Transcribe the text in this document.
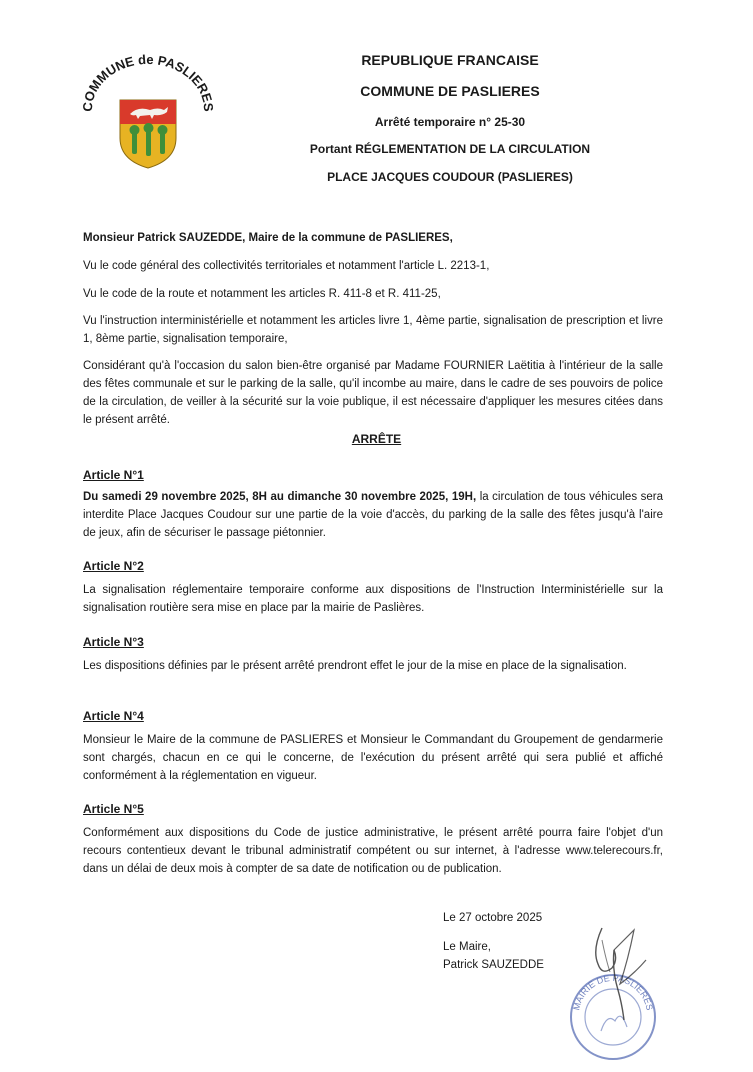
COMMUNE de PASLIERES

REPUBLIQUE FRANCAISE

COMMUNE DE PASLIERES

Arrêté temporaire n° 25-30

Portant RÉGLEMENTATION DE LA CIRCULATION

PLACE JACQUES COUDOUR (PASLIERES)

Monsieur Patrick SAUZEDDE, Maire de la commune de PASLIERES,

Vu le code général des collectivités territoriales et notamment l'article L. 2213-1,

Vu le code de la route et notamment les articles R. 411-8 et R. 411-25,

Vu l'instruction interministérielle et notamment les articles livre 1, 4ème partie, signalisation de prescription et livre 1, 8ème partie, signalisation temporaire,

Considérant qu'à l'occasion du salon bien-être organisé par Madame FOURNIER Laëtitia à l'intérieur de la salle des fêtes communale et sur le parking de la salle, qu'il incombe au maire, dans le cadre de ses pouvoirs de police de la circulation, de veiller à la sécurité sur la voie publique, il est nécessaire d'appliquer les mesures citées dans le présent arrêté.

ARRÊTE

Article N°1

Du samedi 29 novembre 2025, 8H au dimanche 30 novembre 2025, 19H, la circulation de tous véhicules sera interdite Place Jacques Coudour sur une partie de la voie d'accès, du parking de la salle des fêtes jusqu'à l'aire de jeux, afin de sécuriser le passage piétonnier.

Article N°2

La signalisation réglementaire temporaire conforme aux dispositions de l'Instruction Interministérielle sur la signalisation routière sera mise en place par la mairie de Paslières.

Article N°3

Les dispositions définies par le présent arrêté prendront effet le jour de la mise en place de la signalisation.

Article N°4

Monsieur le Maire de la commune de PASLIERES et Monsieur le Commandant du Groupement de gendarmerie sont chargés, chacun en ce qui le concerne, de l'exécution du présent arrêté qui sera publié et affiché conformément à la réglementation en vigueur.

Article N°5

Conformément aux dispositions du Code de justice administrative, le présent arrêté pourra faire l'objet d'un recours contentieux devant le tribunal administratif compétent ou sur internet, à l'adresse www.telerecours.fr, dans un délai de deux mois à compter de sa date de notification ou de publication.

Le 27 octobre 2025
Le Maire,
Patrick SAUZEDDE
MAIRIE DE PASLIERES
